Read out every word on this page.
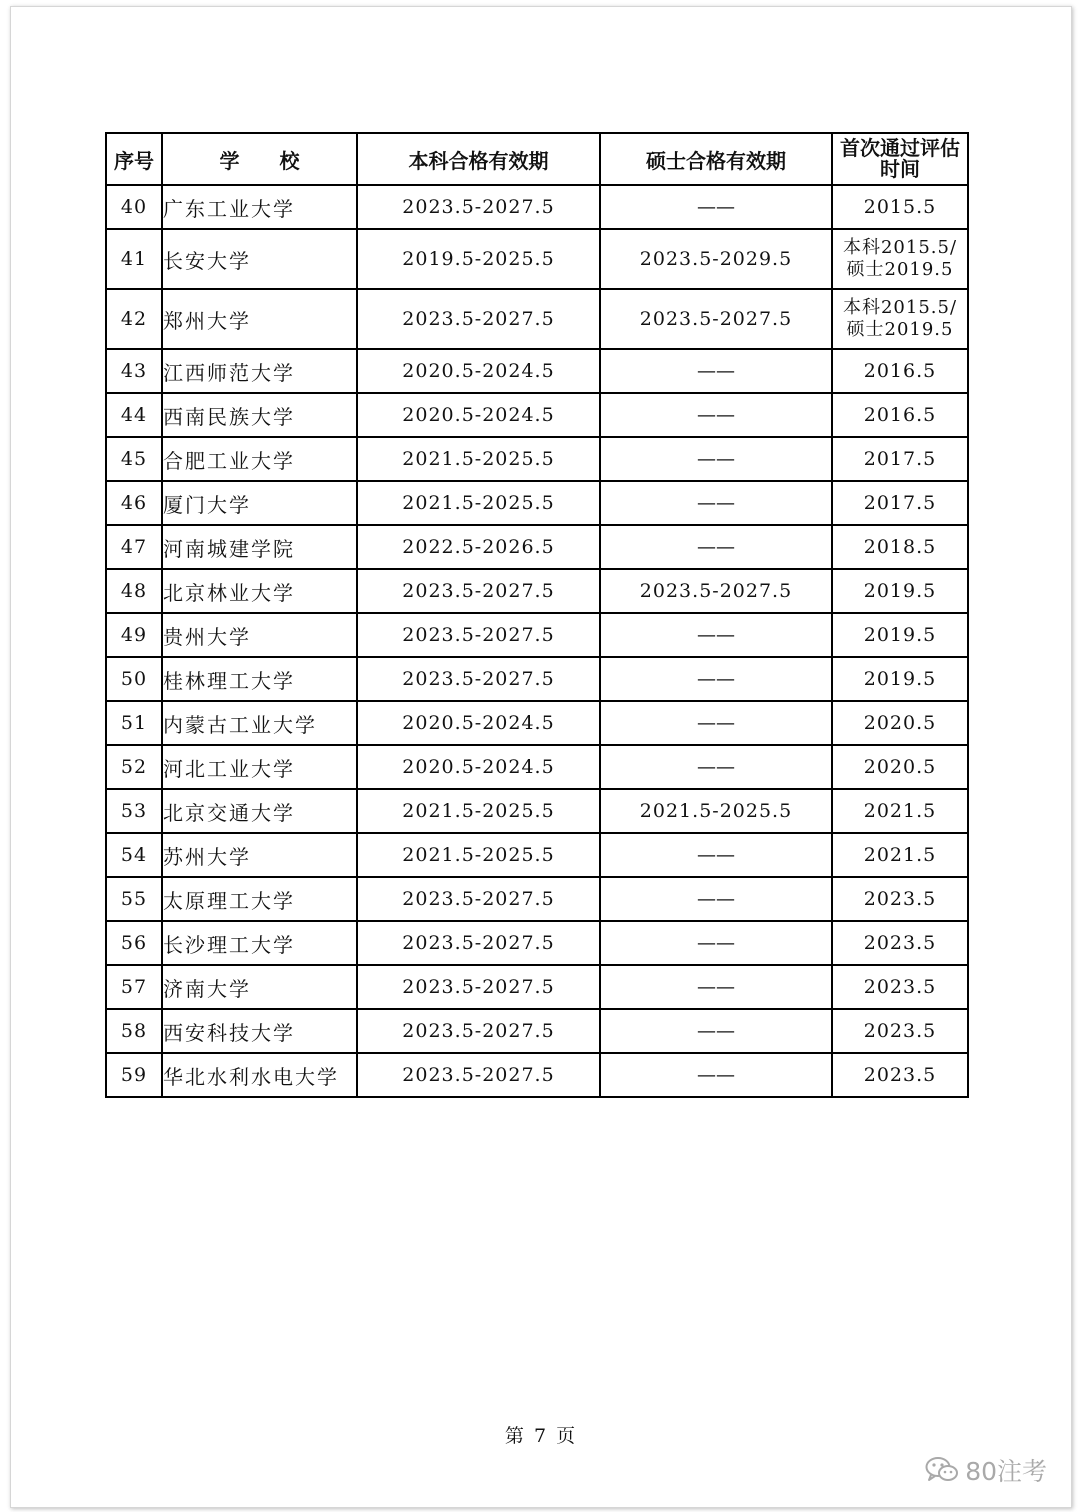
序号	学　　校	本科合格有效期	硕士合格有效期	首次通过评估
时间

40	广东工业大学	2023.5-2027.5	——	2015.5

41	长安大学	2019.5-2025.5	2023.5-2029.5	本科2015.5/
硕士2019.5

42	郑州大学	2023.5-2027.5	2023.5-2027.5	本科2015.5/
硕士2019.5

43	江西师范大学	2020.5-2024.5	——	2016.5

44	西南民族大学	2020.5-2024.5	——	2016.5

45	合肥工业大学	2021.5-2025.5	——	2017.5

46	厦门大学	2021.5-2025.5	——	2017.5

47	河南城建学院	2022.5-2026.5	——	2018.5

48	北京林业大学	2023.5-2027.5	2023.5-2027.5	2019.5

49	贵州大学	2023.5-2027.5	——	2019.5

50	桂林理工大学	2023.5-2027.5	——	2019.5

51	内蒙古工业大学	2020.5-2024.5	——	2020.5

52	河北工业大学	2020.5-2024.5	——	2020.5

53	北京交通大学	2021.5-2025.5	2021.5-2025.5	2021.5

54	苏州大学	2021.5-2025.5	——	2021.5

55	太原理工大学	2023.5-2027.5	——	2023.5

56	长沙理工大学	2023.5-2027.5	——	2023.5

57	济南大学	2023.5-2027.5	——	2023.5

58	西安科技大学	2023.5-2027.5	——	2023.5

59	华北水利水电大学	2023.5-2027.5	——	2023.5
第 7 页
80注考
